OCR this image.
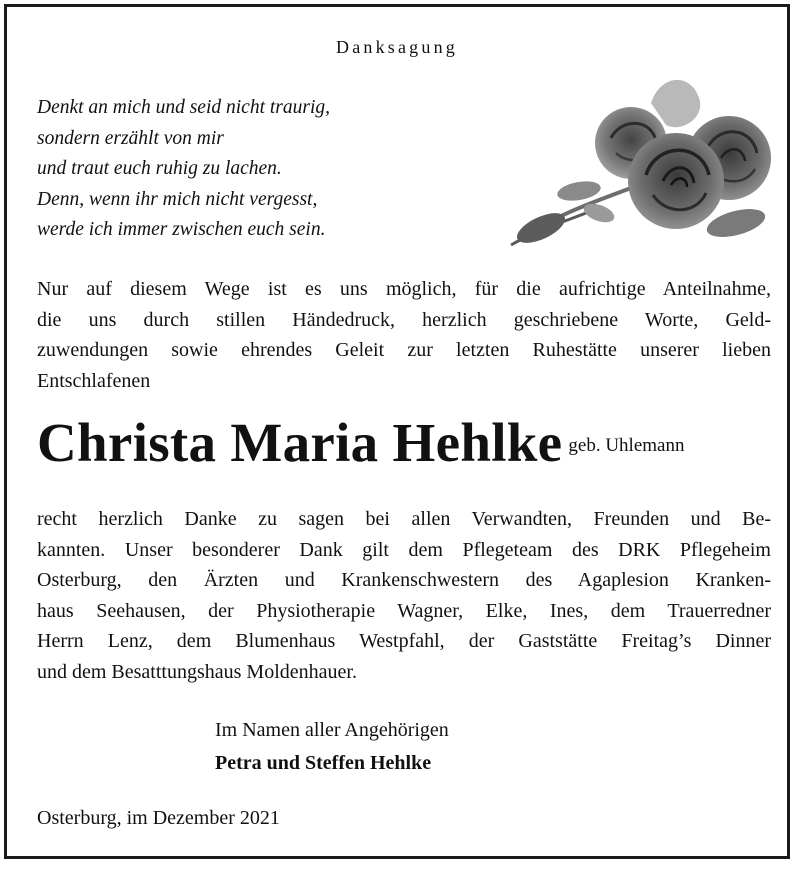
Danksagung

Denkt an mich und seid nicht traurig,
sondern erzählt von mir
und traut euch ruhig zu lachen.
Denn, wenn ihr mich nicht vergesst,
werde ich immer zwischen euch sein.

Nur auf diesem Wege ist es uns möglich, für die aufrichtige Anteilnahme,
die uns durch stillen Händedruck, herzlich geschriebene Worte, Geld-
zuwendungen sowie ehrendes Geleit zur letzten Ruhestätte unserer lieben
Entschlafenen

Christa Maria Hehlke geb. Uhlemann

recht herzlich Danke zu sagen bei allen Verwandten, Freunden und Be-
kannten. Unser besonderer Dank gilt dem Pflegeteam des DRK Pflegeheim
Osterburg, den Ärzten und Krankenschwestern des Agaplesion Kranken-
haus Seehausen, der Physiotherapie Wagner, Elke, Ines, dem Trauerredner
Herrn Lenz, dem Blumenhaus Westpfahl, der Gaststätte Freitag’s Dinner
und dem Besatttungshaus Moldenhauer.

Im Namen aller Angehörigen
Petra und Steffen Hehlke
Osterburg, im Dezember 2021
